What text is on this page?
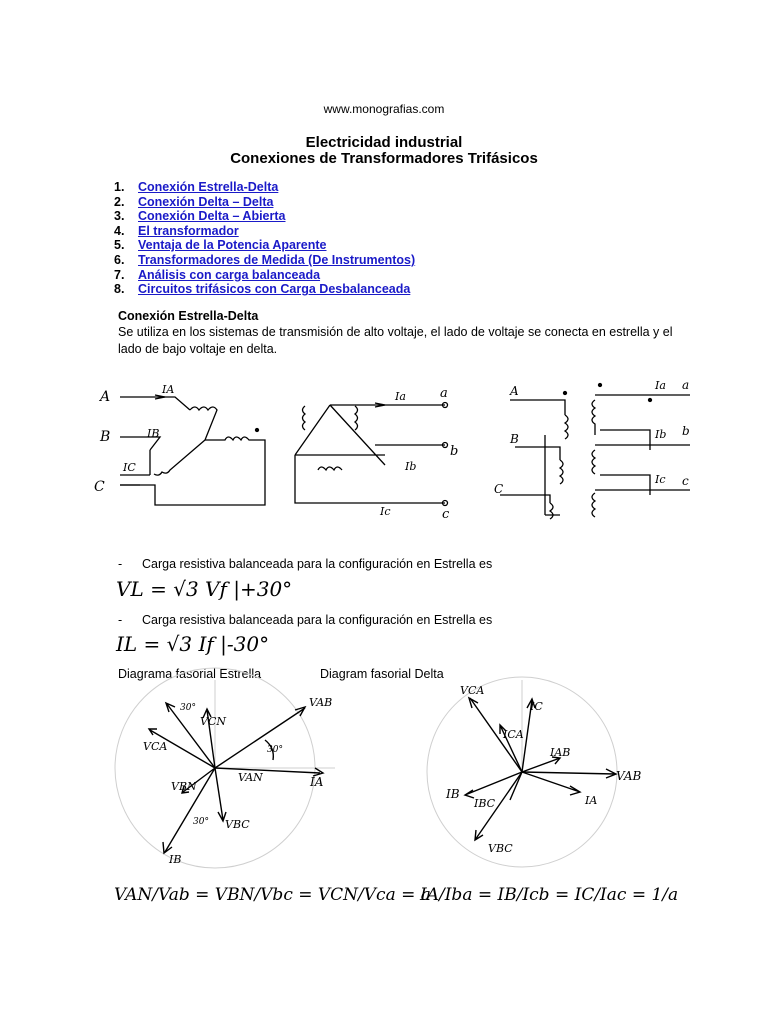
www.monografias.com
Electricidad industrial
Conexiones de Transformadores Trifásicos
1. Conexión Estrella-Delta
2. Conexión Delta – Delta
3. Conexión Delta – Abierta
4. El transformador
5. Ventaja de la Potencia Aparente
6. Transformadores de Medida (De Instrumentos)
7. Análisis con carga balanceada
8. Circuitos trifásicos con Carga Desbalanceada
Conexión Estrella-Delta
Se utiliza en los sistemas de transmisión de alto voltaje, el lado de voltaje se conecta en estrella y el lado de bajo voltaje en delta.
A
B
C
IA
IB
IC
Ia
Ib
Ic
a
b
c
A
B
C
Ia
Ib
Ic
a
b
c
- Carga resistiva balanceada para la configuración en Estrella es
VL = √3 Vf |+30°
- Carga resistiva balanceada para la configuración en Estrella es
IL = √3 If |-30°
Diagrama fasorial Estrella	Diagram fasorial Delta
30°
VCN
VAB
VCA
VAN
VBN
VBC
IA
IB
30°
30°
VCA
IC
ICA
IAB
VAB
IB
IBC	IA
VBC
VAN/Vab = VBN/Vbc = VCN/Vca = a
IA/Iba = IB/Icb = IC/Iac = 1/a
